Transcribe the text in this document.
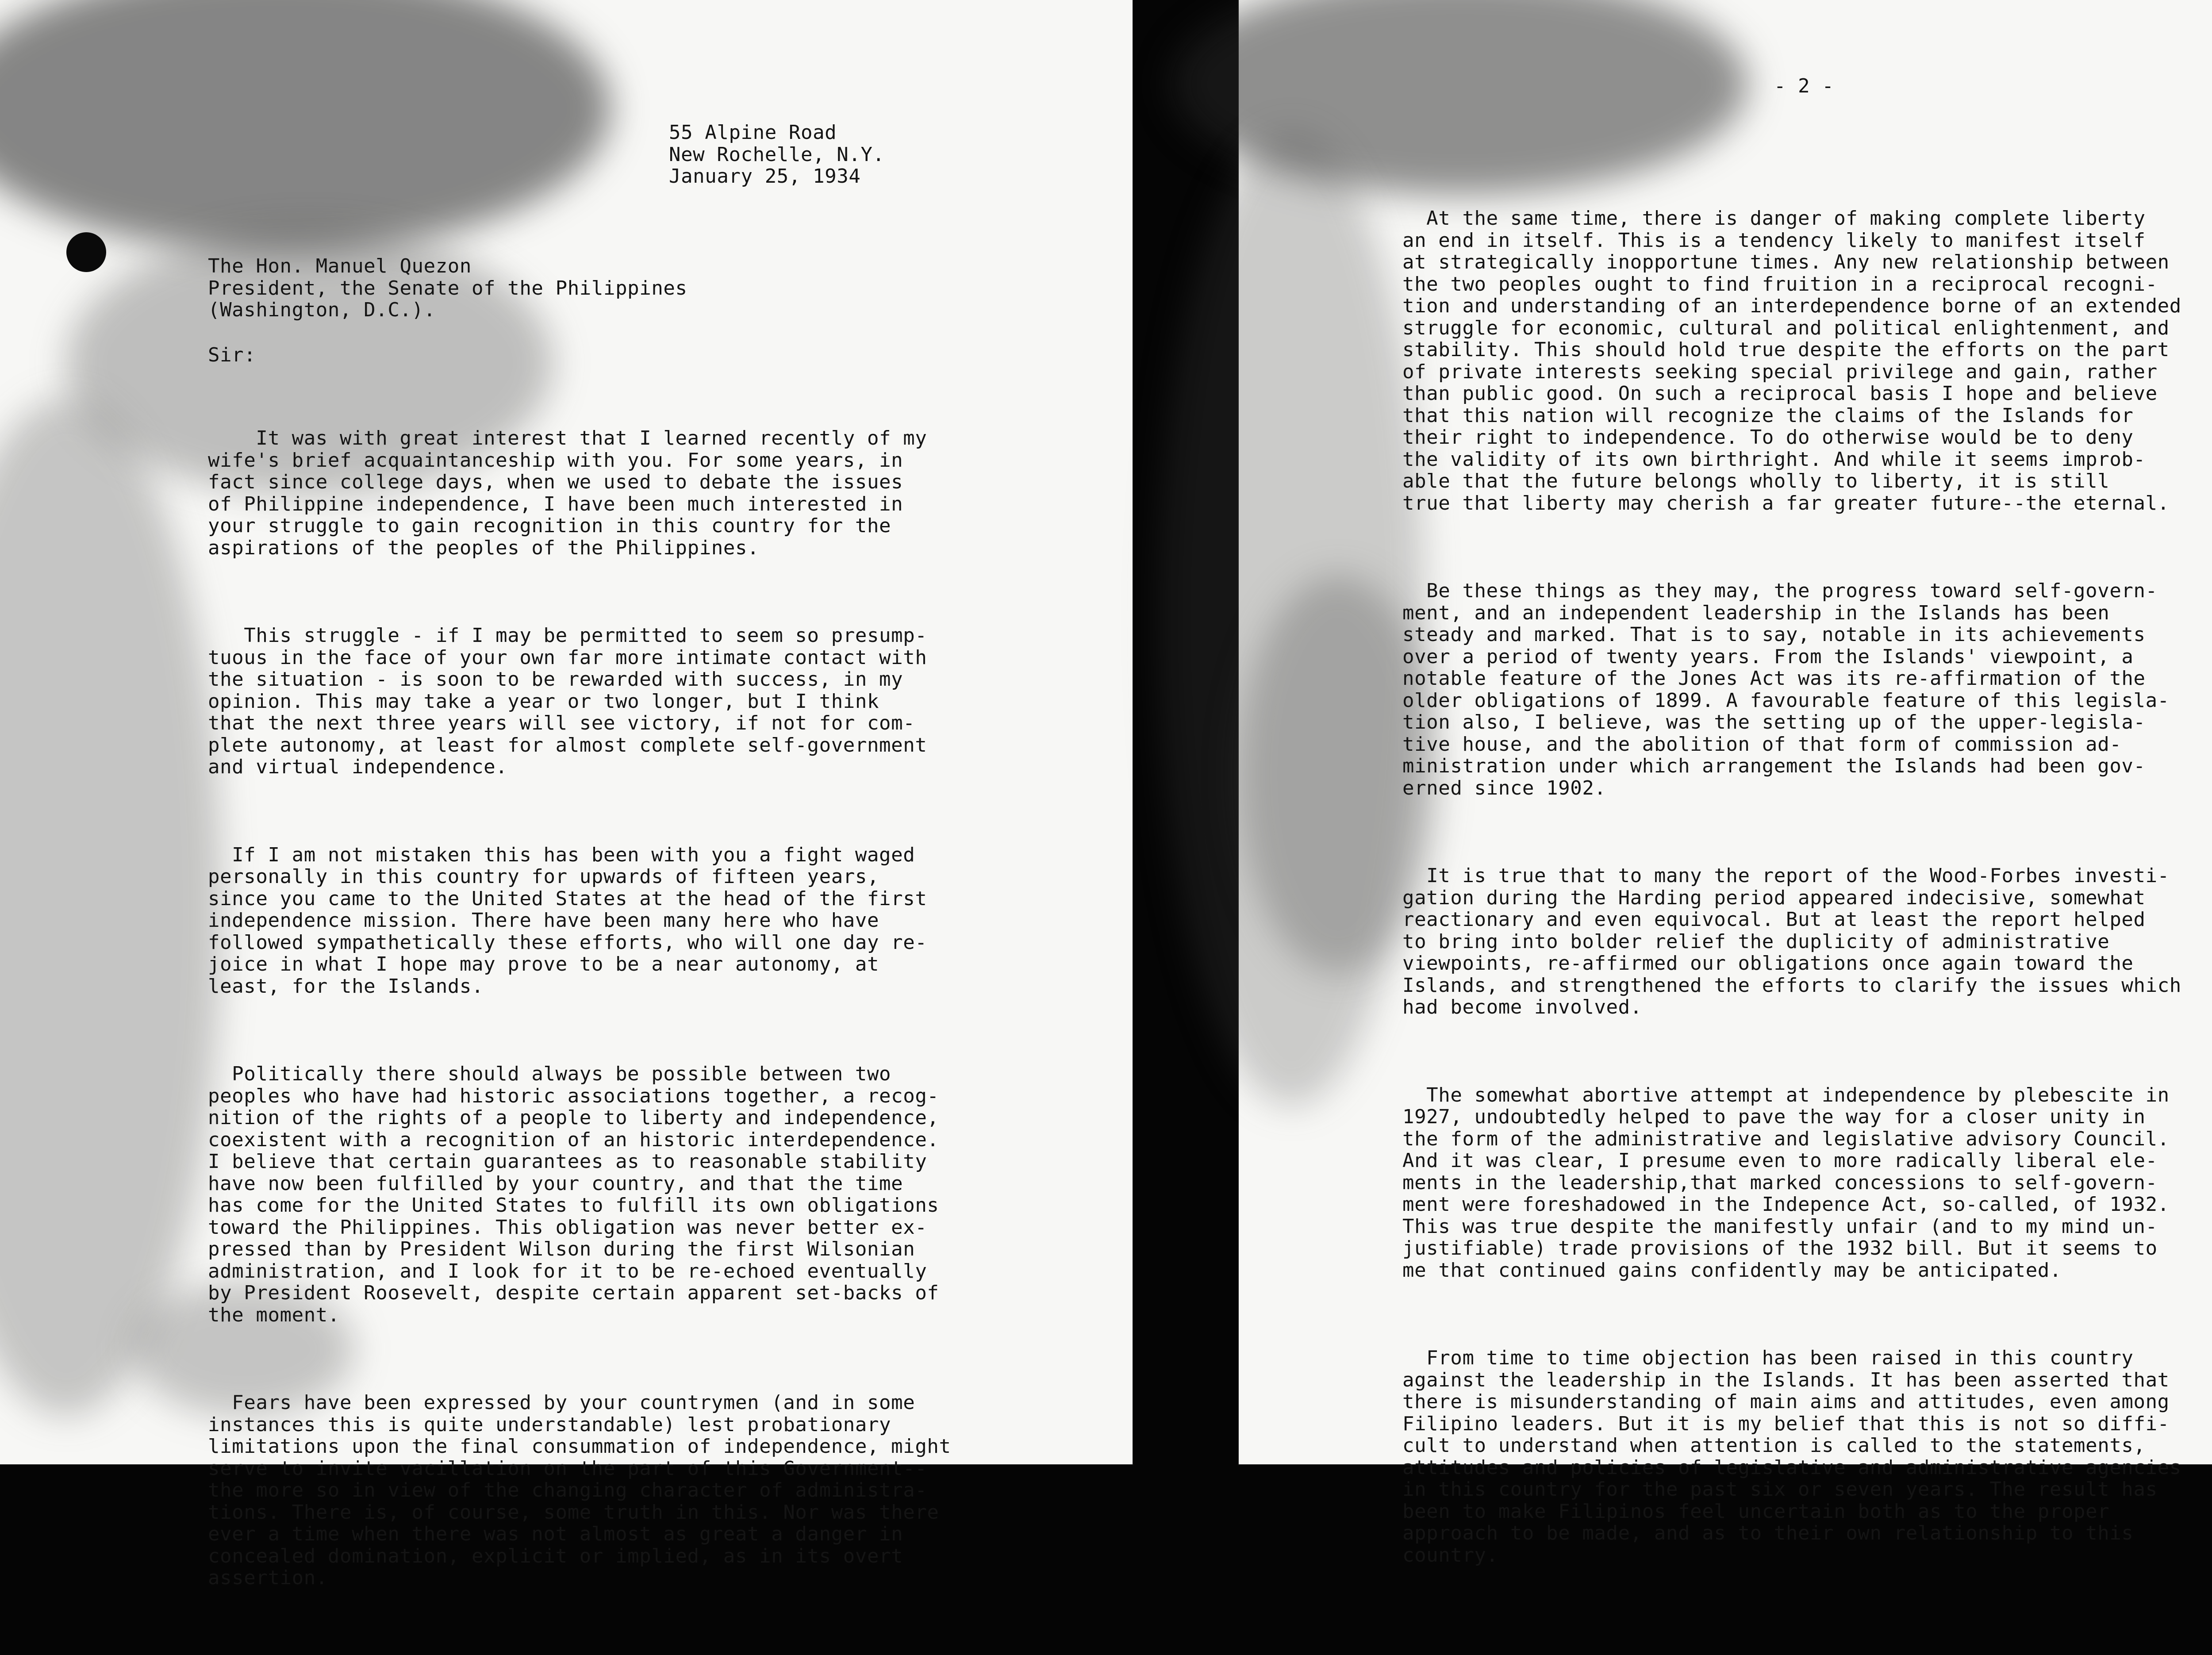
55 Alpine Road
New Rochelle, N.Y.
January 25, 1934
The Hon. Manuel Quezon
President, the Senate of the Philippines
(Washington, D.C.).
Sir:

It was with great interest that I learned recently of my
wife's brief acquaintanceship with you. For some years, in
fact since college days, when we used to debate the issues
of Philippine independence, I have been much interested in
your struggle to gain recognition in this country for the
aspirations of the peoples of the Philippines.

This struggle - if I may be permitted to seem so presump-
tuous in the face of your own far more intimate contact with
the situation - is soon to be rewarded with success, in my
opinion. This may take a year or two longer, but I think
that the next three years will see victory, if not for com-
plete autonomy, at least for almost complete self-government
and virtual independence.

If I am not mistaken this has been with you a fight waged
personally in this country for upwards of fifteen years,
since you came to the United States at the head of the first
independence mission. There have been many here who have
followed sympathetically these efforts, who will one day re-
joice in what I hope may prove to be a near autonomy, at
least, for the Islands.

Politically there should always be possible between two
peoples who have had historic associations together, a recog-
nition of the rights of a people to liberty and independence,
coexistent with a recognition of an historic interdependence.
I believe that certain guarantees as to reasonable stability
have now been fulfilled by your country, and that the time
has come for the United States to fulfill its own obligations
toward the Philippines. This obligation was never better ex-
pressed than by President Wilson during the first Wilsonian
administration, and I look for it to be re-echoed eventually
by President Roosevelt, despite certain apparent set-backs of
the moment.

Fears have been expressed by your countrymen (and in some
instances this is quite understandable) lest probationary
limitations upon the final consummation of independence, might
serve to invite vacillation on the part of this Government--
the more so in view of the changing character of administra-
tions. There is, of course, some truth in this. Nor was there
ever a time when there was not almost as great a danger in
concealed domination, explicit or implied, as in its overt
assertion.

- 2 -

At the same time, there is danger of making complete liberty
an end in itself. This is a tendency likely to manifest itself
at strategically inopportune times. Any new relationship between
the two peoples ought to find fruition in a reciprocal recogni-
tion and understanding of an interdependence borne of an extended
struggle for economic, cultural and political enlightenment, and
stability. This should hold true despite the efforts on the part
of private interests seeking special privilege and gain, rather
than public good. On such a reciprocal basis I hope and believe
that this nation will recognize the claims of the Islands for
their right to independence. To do otherwise would be to deny
the validity of its own birthright. And while it seems improb-
able that the future belongs wholly to liberty, it is still
true that liberty may cherish a far greater future--the eternal.

Be these things as they may, the progress toward self-govern-
ment, and an independent leadership in the Islands has been
steady and marked. That is to say, notable in its achievements
over a period of twenty years. From the Islands' viewpoint, a
notable feature of the Jones Act was its re-affirmation of the
older obligations of 1899. A favourable feature of this legisla-
tion also, I believe, was the setting up of the upper-legisla-
tive house, and the abolition of that form of commission ad-
ministration under which arrangement the Islands had been gov-
erned since 1902.

It is true that to many the report of the Wood-Forbes investi-
gation during the Harding period appeared indecisive, somewhat
reactionary and even equivocal. But at least the report helped
to bring into bolder relief the duplicity of administrative
viewpoints, re-affirmed our obligations once again toward the
Islands, and strengthened the efforts to clarify the issues which
had become involved.

The somewhat abortive attempt at independence by plebescite in
1927, undoubtedly helped to pave the way for a closer unity in
the form of the administrative and legislative advisory Council.
And it was clear, I presume even to more radically liberal ele-
ments in the leadership,that marked concessions to self-govern-
ment were foreshadowed in the Indepence Act, so-called, of 1932.
This was true despite the manifestly unfair (and to my mind un-
justifiable) trade provisions of the 1932 bill. But it seems to
me that continued gains confidently may be anticipated.

From time to time objection has been raised in this country
against the leadership in the Islands. It has been asserted that
there is misunderstanding of main aims and attitudes, even among
Filipino leaders. But it is my belief that this is not so diffi-
cult to understand when attention is called to the statements,
attitudes and policies of legislative and administrative agencies
in this country for the past six or seven years. The result has
been to make Filipinos feel uncertain both as to the proper
approach to be made, and as to their own relationship to this
country.
